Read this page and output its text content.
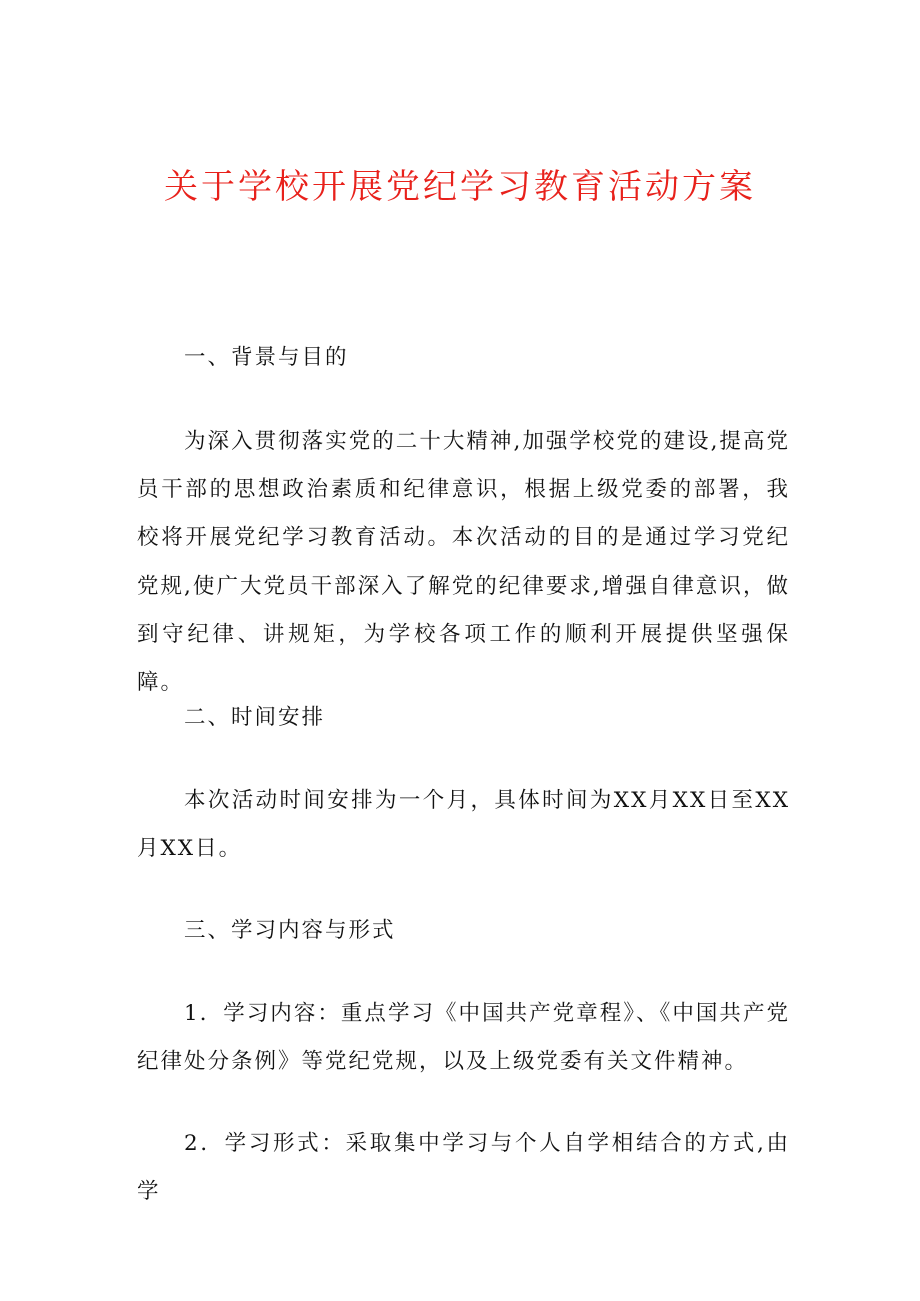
关于学校开展党纪学习教育活动方案

一、背景与目的

为深入贯彻落实党的二十大精神,加强学校党的建设,提高党员干部的思想政治素质和纪律意识，根据上级党委的部署，我校将开展党纪学习教育活动。本次活动的目的是通过学习党纪党规,使广大党员干部深入了解党的纪律要求,增强自律意识，做到守纪律、讲规矩，为学校各项工作的顺利开展提供坚强保障。

二、时间安排

本次活动时间安排为一个月，具体时间为XX月XX日至XX月XX日。

三、学习内容与形式

1．学习内容：重点学习《中国共产党章程》、《中国共产党纪律处分条例》等党纪党规，以及上级党委有关文件精神。

2．学习形式：采取集中学习与个人自学相结合的方式,由学
